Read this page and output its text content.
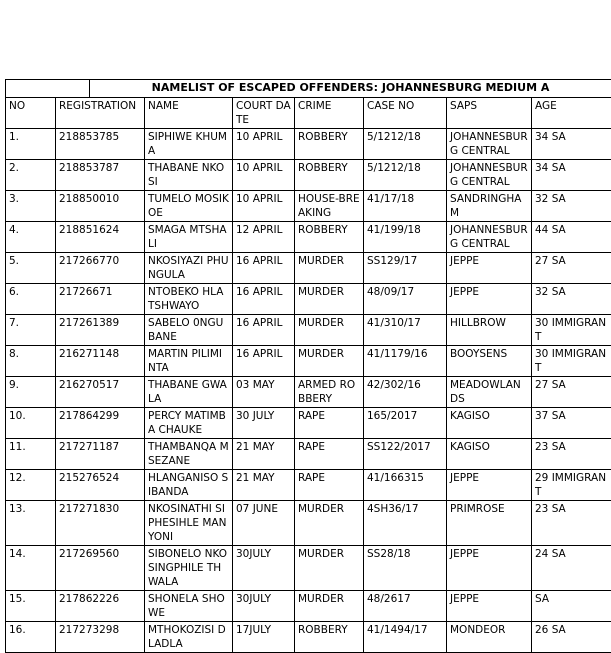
		NAMELIST OF ESCAPED OFFENDERS: JOHANNESBURG MEDIUM A						
NO	REGISTRATION		NAME	COURT DATE	CRIME	CASE NO	SAPS	AGE
1.	218853785		SIPHIWE KHUMA	10 APRIL	ROBBERY	5/1212/18	JOHANNESBURG CENTRAL	34 SA
2.	218853787		THABANE NKOSI	10 APRIL	ROBBERY	5/1212/18	JOHANNESBURG CENTRAL	34 SA
3.	218850010		TUMELO MOSIKOE	10 APRIL	HOUSE-BREAKING	41/17/18	SANDRINGHAM	32 SA
4.	218851624		SMAGA MTSHALI	12 APRIL	ROBBERY	41/199/18	JOHANNESBURG CENTRAL	44 SA
5.	217266770		NKOSIYAZI PHUNGULA	16 APRIL	MURDER	SS129/17	JEPPE	27 SA
6.	21726671		NTOBEKO HLATSHWAYO	16 APRIL	MURDER	48/09/17	JEPPE	32 SA
7.	217261389		SABELO 0NGUBANE	16 APRIL	MURDER	41/310/17	HILLBROW	30 IMMIGRANT
8.	216271148		MARTIN PILIMINTA	16 APRIL	MURDER	41/1179/16	BOOYSENS	30 IMMIGRANT
9.	216270517		THABANE GWALA	03 MAY	ARMED ROBBERY	42/302/16	MEADOWLANDS	27 SA
10.	217864299		PERCY MATIMBA CHAUKE	30 JULY	RAPE	165/2017	KAGISO	37 SA
11.	217271187		THAMBANQA MSEZANE	21 MAY	RAPE	SS122/2017	KAGISO	23 SA
12.	215276524		HLANGANISO SIBANDA	21 MAY	RAPE	41/166315	JEPPE	29 IMMIGRANT
13.	217271830		NKOSINATHI SIPHESIHLE MANYONI	07 JUNE	MURDER	4SH36/17	PRIMROSE	23 SA
14.	217269560		SIBONELO NKOSINGPHILE THWALA	30JULY	MURDER	SS28/18	JEPPE	24 SA
15.	217862226		SHONELA SHOWE	30JULY	MURDER	48/2617	JEPPE	SA
16.	217273298		MTHOKOZISI DLADLA	17JULY	ROBBERY	41/1494/17	MONDEOR	26 SA
